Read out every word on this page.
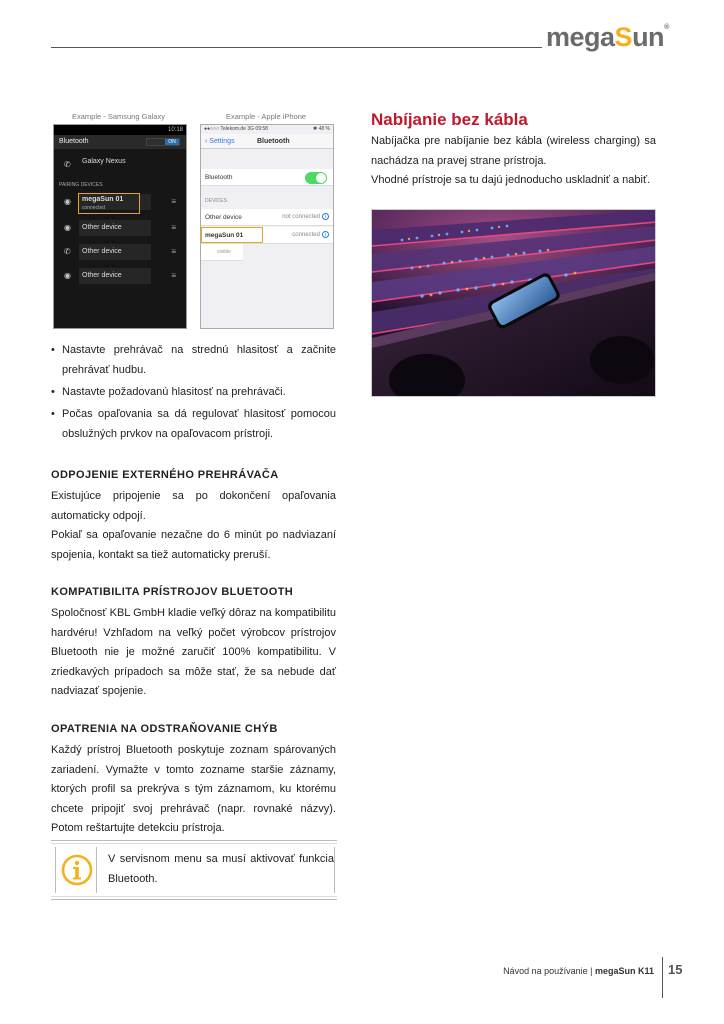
megaSun®
Example - Samsung Galaxy	Example - Apple iPhone
10:18
Bluetooth	ON
✆ Galaxy Nexus
PAIRING DEVICES
◉	megaSun 01
connected
≡
◉	Other device	≡
✆	Other device	≡
◉	Other device	≡
●●○○○ Telekom.de 3G 09:58	✱ 48 %
‹ Settings	Bluetooth
Bluetooth
DEVICES
Other device	not connected i
megaSun 01	connected i
visible
• Nastavte prehrávač na strednú hlasitosť a začnite prehrávať hudbu.
• Nastavte požadovanú hlasitosť na prehrávači.
• Počas opaľovania sa dá regulovať hlasitosť pomocou obslužných prvkov na opaľovacom prístroji.
ODPOJENIE EXTERNÉHO PREHRÁVAČA
Existujúce pripojenie sa po dokončení opaľovania automaticky odpojí.
Pokiaľ sa opaľovanie nezačne do 6 minút po nadviazaní spojenia, kontakt sa tiež automaticky preruší.
KOMPATIBILITA PRÍSTROJOV BLUETOOTH
Spoločnosť KBL GmbH kladie veľký dôraz na kompatibilitu hardvéru! Vzhľadom na veľký počet výrobcov prístrojov Bluetooth nie je možné zaručiť 100% kompatibilitu. V zriedkavých prípadoch sa môže stať, že sa nebude dať nadviazať spojenie.
OPATRENIA NA ODSTRAŇOVANIE CHÝB
Každý prístroj Bluetooth poskytuje zoznam spárovaných zariadení. Vymažte v tomto zozname staršie záznamy, ktorých profil sa prekrýva s tým záznamom, ku ktorému chcete pripojiť svoj prehrávač (napr. rovnaké názvy). Potom reštartujte detekciu prístroja.
V servisnom menu sa musí aktivovať funkcia Bluetooth.
Nabíjanie bez kábla
Nabíjačka pre nabíjanie bez kábla (wireless charging) sa nachádza na pravej strane prístroja.
Vhodné prístroje sa tu dajú jednoducho uskladniť a nabiť.
Návod na používanie | megaSun K11 15
